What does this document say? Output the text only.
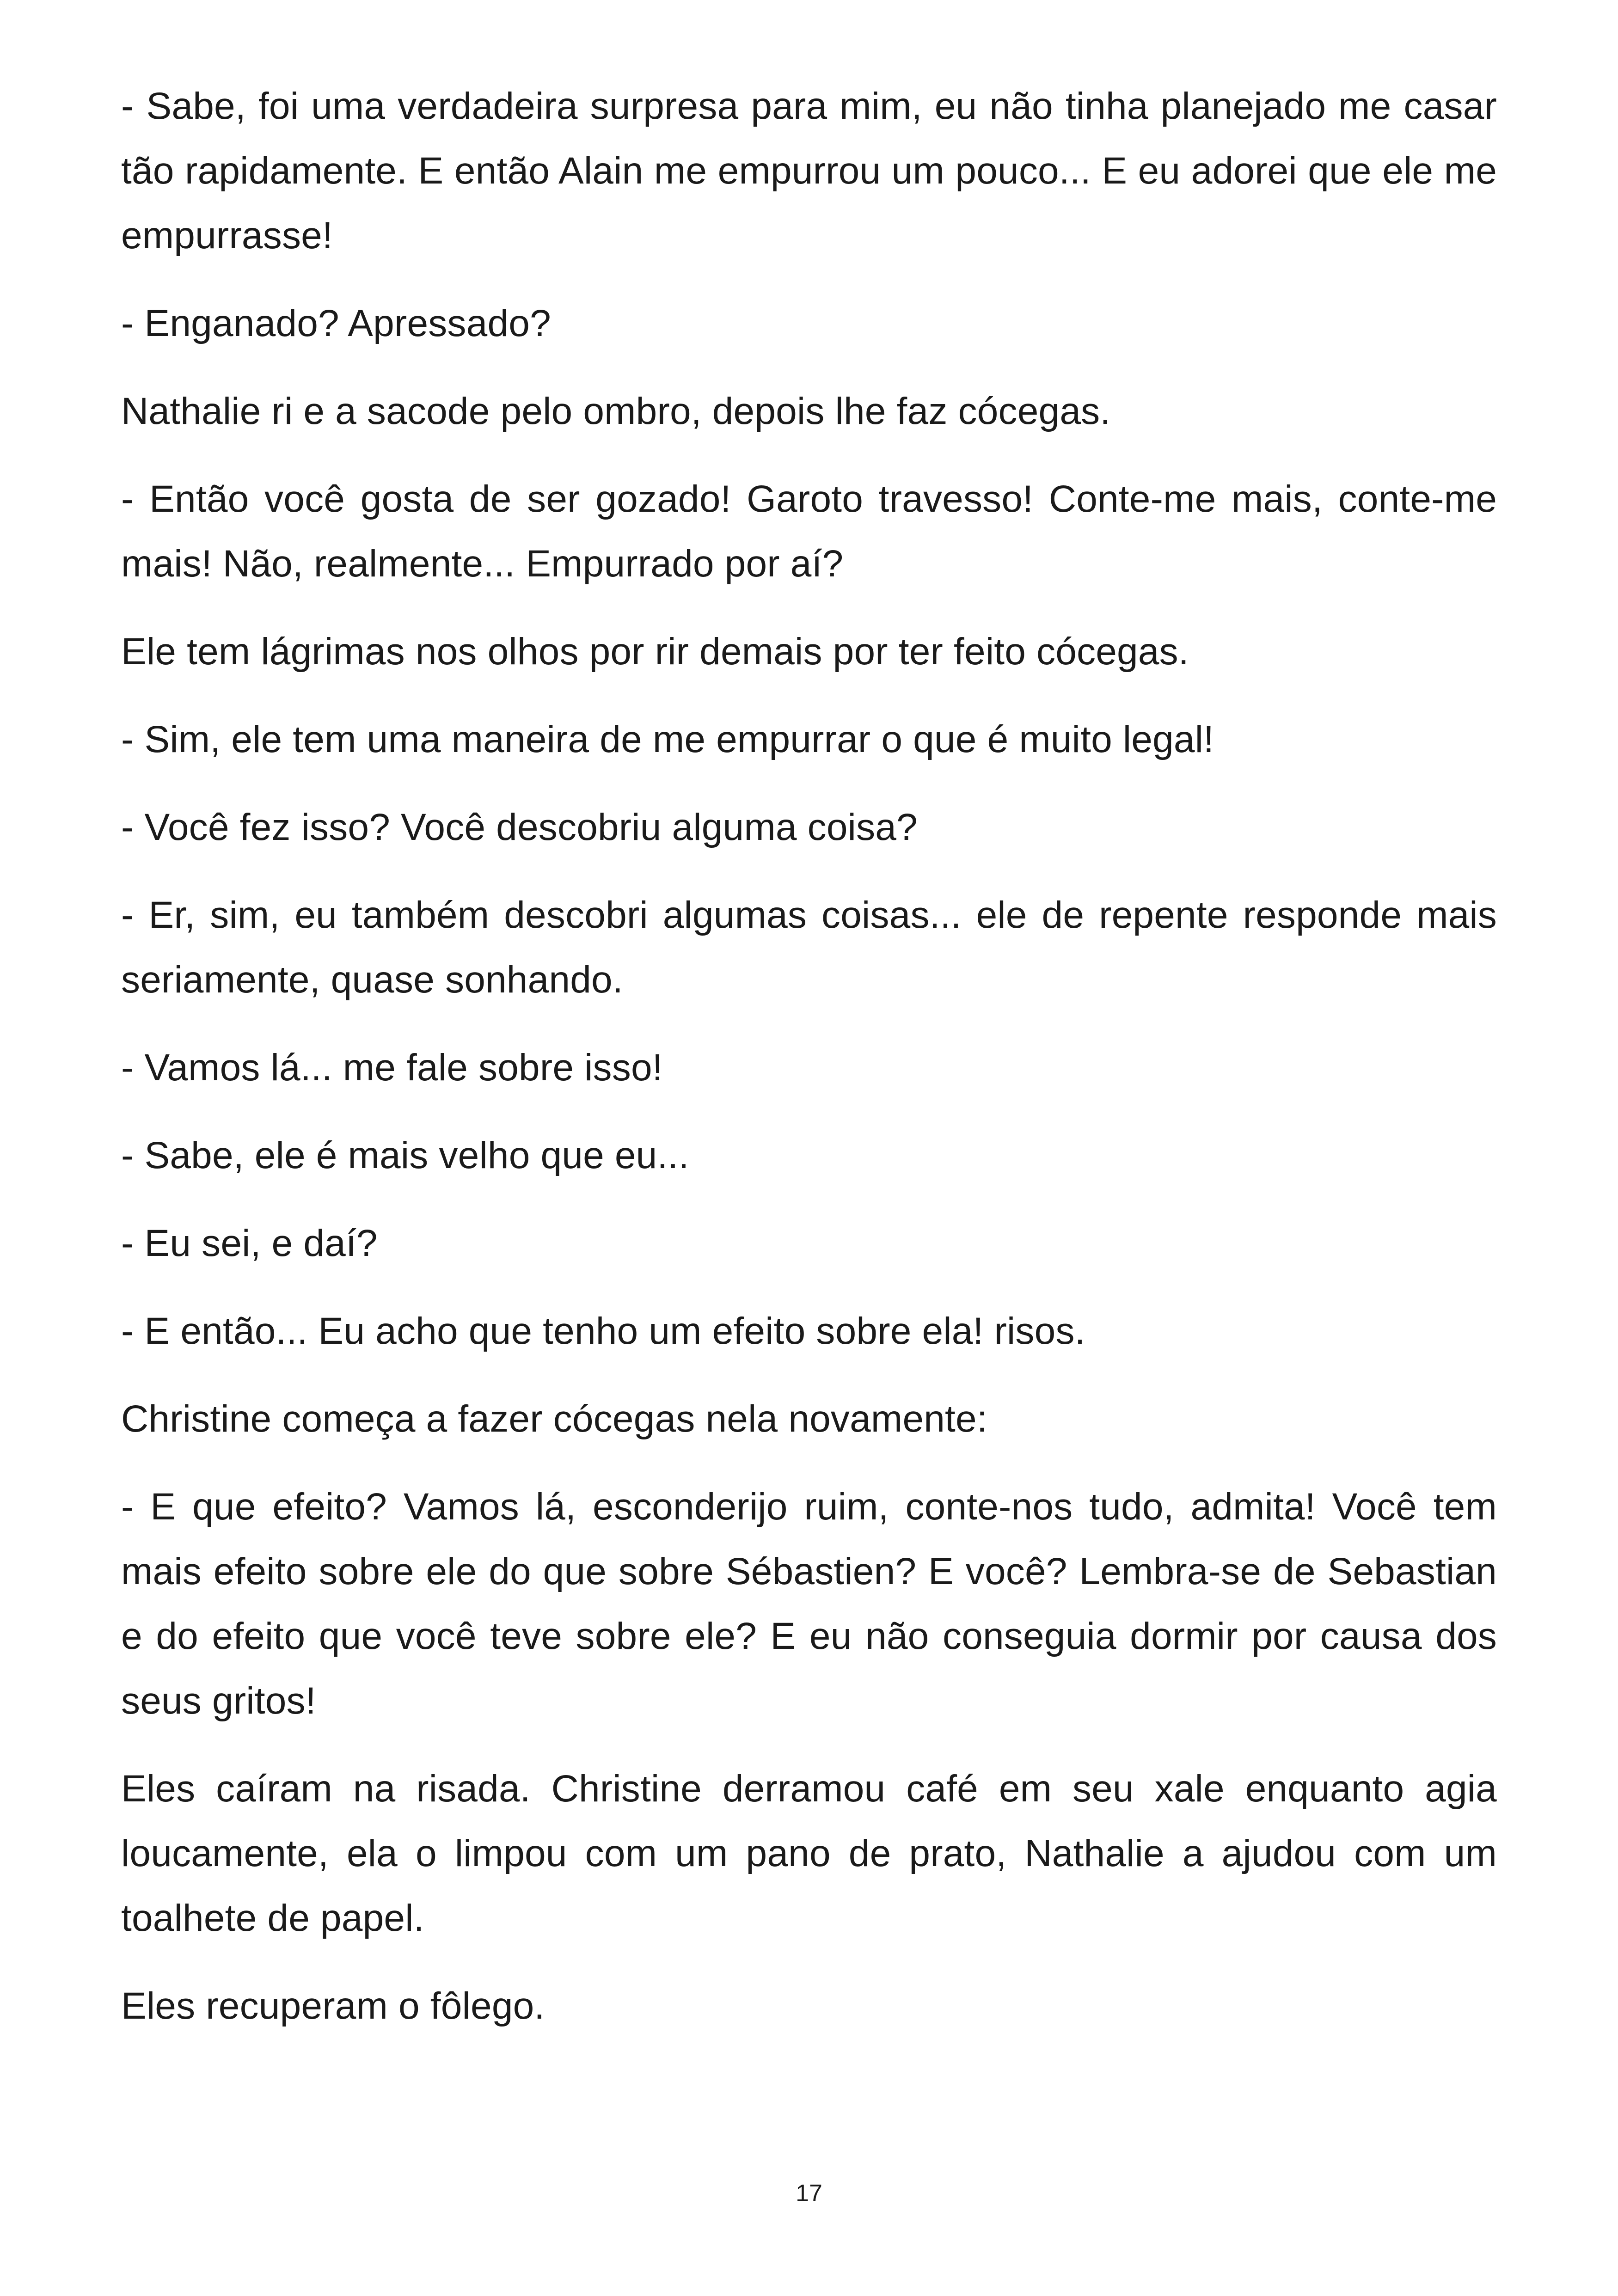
- Sabe, foi uma verdadeira surpresa para mim, eu não tinha planejado me casar tão rapidamente. E então Alain me empurrou um pouco... E eu adorei que ele me empurrasse!

- Enganado? Apressado?

Nathalie ri e a sacode pelo ombro, depois lhe faz cócegas.

- Então você gosta de ser gozado! Garoto travesso! Conte-me mais, conte-me mais! Não, realmente... Empurrado por aí?

Ele tem lágrimas nos olhos por rir demais por ter feito cócegas.

- Sim, ele tem uma maneira de me empurrar o que é muito legal!

- Você fez isso? Você descobriu alguma coisa?

- Er, sim, eu também descobri algumas coisas... ele de repente responde mais seriamente, quase sonhando.

- Vamos lá... me fale sobre isso!

- Sabe, ele é mais velho que eu...

- Eu sei, e daí?

- E então... Eu acho que tenho um efeito sobre ela! risos.

Christine começa a fazer cócegas nela novamente:

- E que efeito? Vamos lá, esconderijo ruim, conte-nos tudo, admita! Você tem mais efeito sobre ele do que sobre Sébastien? E você? Lembra-se de Sebastian e do efeito que você teve sobre ele? E eu não conseguia dormir por causa dos seus gritos!

Eles caíram na risada. Christine derramou café em seu xale enquanto agia loucamente, ela o limpou com um pano de prato, Nathalie a ajudou com um toalhete de papel.

Eles recuperam o fôlego.

17
